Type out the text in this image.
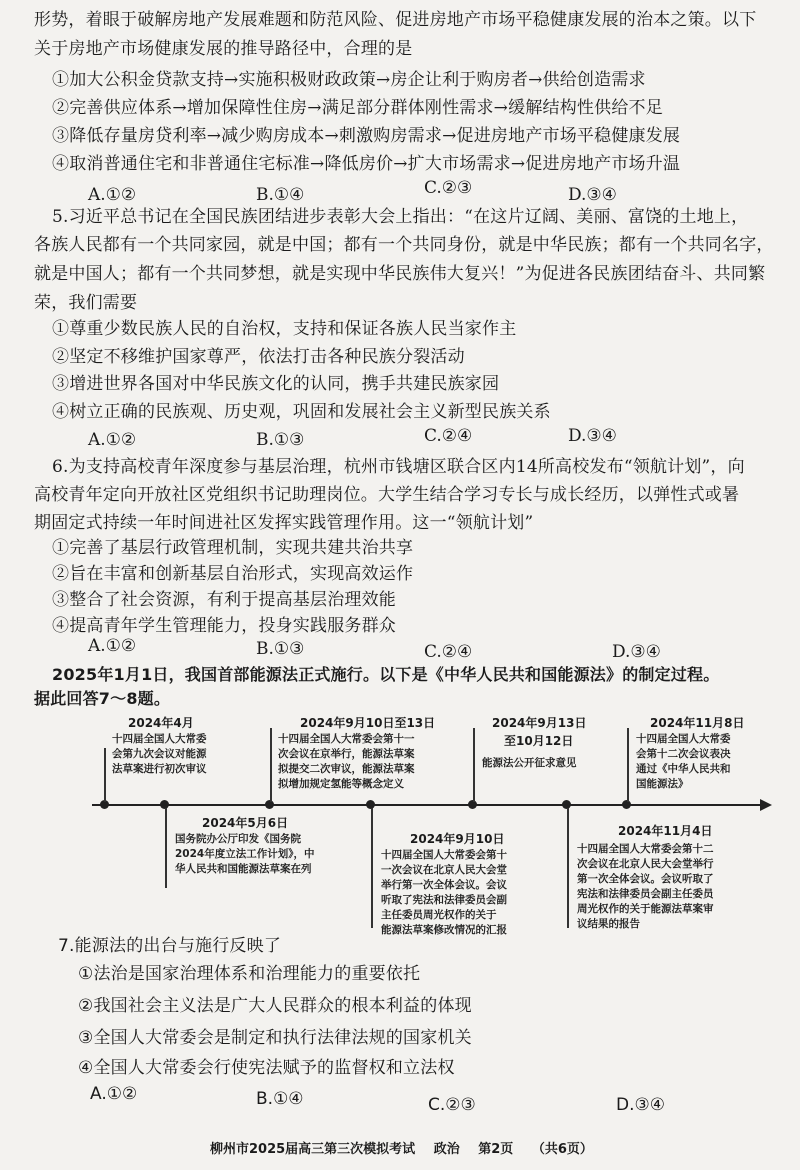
形势，着眼于破解房地产发展难题和防范风险、促进房地产市场平稳健康发展的治本之策。以下
关于房地产市场健康发展的推导路径中，合理的是
①加大公积金贷款支持→实施积极财政政策→房企让利于购房者→供给创造需求
②完善供应体系→增加保障性住房→满足部分群体刚性需求→缓解结构性供给不足
③降低存量房贷利率→减少购房成本→刺激购房需求→促进房地产市场平稳健康发展
④取消普通住宅和非普通住宅标准→降低房价→扩大市场需求→促进房地产市场升温
A.①②	B.①④	C.②③	D.③④
5.习近平总书记在全国民族团结进步表彰大会上指出：“在这片辽阔、美丽、富饶的土地上，
各族人民都有一个共同家园，就是中国；都有一个共同身份，就是中华民族；都有一个共同名字，
就是中国人；都有一个共同梦想，就是实现中华民族伟大复兴！”为促进各民族团结奋斗、共同繁
荣，我们需要
①尊重少数民族人民的自治权，支持和保证各族人民当家作主
②坚定不移维护国家尊严，依法打击各种民族分裂活动
③增进世界各国对中华民族文化的认同，携手共建民族家园
④树立正确的民族观、历史观，巩固和发展社会主义新型民族关系
A.①②	B.①③	C.②④	D.③④
6.为支持高校青年深度参与基层治理，杭州市钱塘区联合区内14所高校发布“领航计划”，向
高校青年定向开放社区党组织书记助理岗位。大学生结合学习专长与成长经历，以弹性式或暑
期固定式持续一年时间进社区发挥实践管理作用。这一“领航计划”
①完善了基层行政管理机制，实现共建共治共享
②旨在丰富和创新基层自治形式，实现高效运作
③整合了社会资源，有利于提高基层治理效能
④提高青年学生管理能力，投身实践服务群众
A.①②	B.①③	C.②④	D.③④
2025年1月1日，我国首部能源法正式施行。以下是《中华人民共和国能源法》的制定过程。
据此回答7～8题。
2024年4月
十四届全国人大常委
会第九次会议对能源
法草案进行初次审议
2024年9月10日至13日
十四届全国人大常委会第十一
次会议在京举行，能源法草案
拟提交二次审议，能源法草案
拟增加规定氢能等概念定义
2024年9月13日
至10月12日
能源法公开征求意见
2024年11月8日
十四届全国人大常委
会第十二次会议表决
通过《中华人民共和
国能源法》
2024年5月6日
国务院办公厅印发《国务院
2024年度立法工作计划》，中
华人民共和国能源法草案在列
2024年9月10日
十四届全国人大常委会第十
一次会议在北京人民大会堂
举行第一次全体会议。会议
听取了宪法和法律委员会副
主任委员周光权作的关于
能源法草案修改情况的汇报
2024年11月4日
十四届全国人大常委会第十二
次会议在北京人民大会堂举行
第一次全体会议。会议听取了
宪法和法律委员会副主任委员
周光权作的关于能源法草案审
议结果的报告
7.能源法的出台与施行反映了
①法治是国家治理体系和治理能力的重要依托
②我国社会主义法是广大人民群众的根本利益的体现
③全国人大常委会是制定和执行法律法规的国家机关
④全国人大常委会行使宪法赋予的监督权和立法权
A.①②	B.①④	C.②③	D.③④
柳州市2025届高三第三次模拟考试 政治 第2页 （共6页）
